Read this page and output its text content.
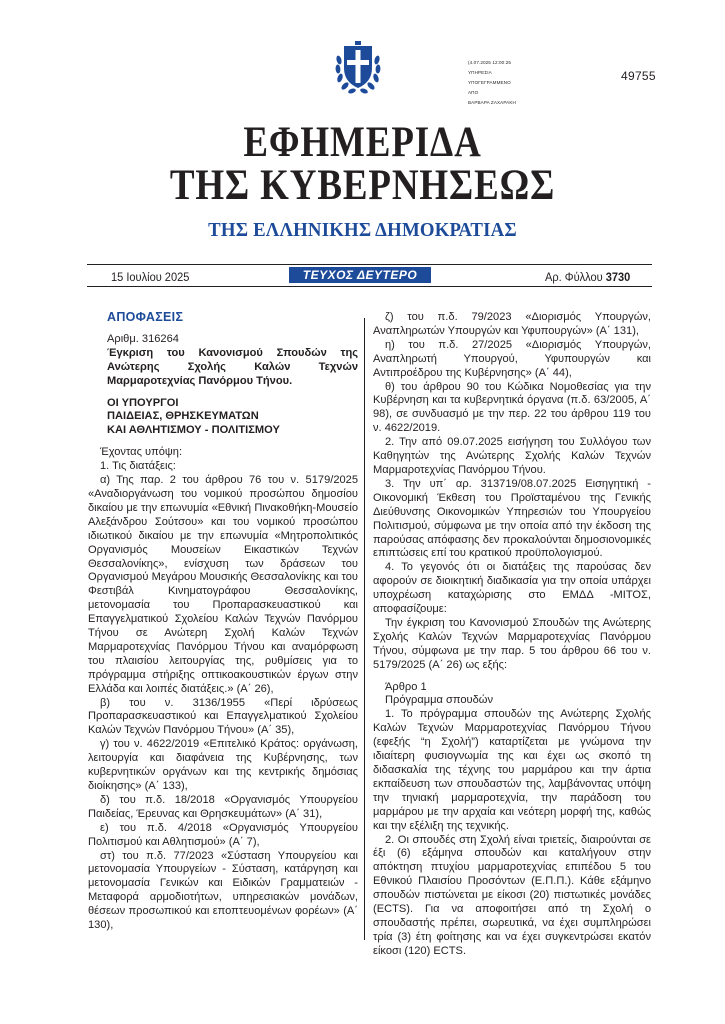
(4.07.2025 12:00:25
ΥΠΗΡΕΣΙΑ
ΥΠΟΓΕΓΡΑΜΜΕΝΟ
ΑΠΟ
ΒΑΡΒΑΡΑ ΖΑΧΑΡΑΚΗ
49755
ΕΦΗΜΕΡΙΔΑ
ΤΗΣ ΚΥΒΕΡΝΗΣΕΩΣ
ΤΗΣ ΕΛΛΗΝΙΚΗΣ ΔΗΜΟΚΡΑΤΙΑΣ
15 Ιουλίου 2025	ΤΕΥΧΟΣ ΔΕΥΤΕΡΟ	Αρ. Φύλλου 3730

ΑΠΟΦΑΣΕΙΣ

Αριθμ. 316264

Έγκριση του Κανονισμού Σπουδών της Ανώτερης Σχολής Καλών Τεχνών Μαρμαροτεχνίας Πανόρμου Τήνου.

ΟΙ ΥΠΟΥΡΓΟΙ

ΠΑΙΔΕΙΑΣ, ΘΡΗΣΚΕΥΜΑΤΩΝ

ΚΑΙ ΑΘΛΗΤΙΣΜΟΥ - ΠΟΛΙΤΙΣΜΟΥ

Έχοντας υπόψη:

1. Τις διατάξεις:

α) Της παρ. 2 του άρθρου 76 του ν. 5179/2025 «Αναδιοργάνωση του νομικού προσώπου δημοσίου δικαίου με την επωνυμία «Εθνική Πινακοθήκη-Μουσείο Αλεξάνδρου Σούτσου» και του νομικού προσώπου ιδιωτικού δικαίου με την επωνυμία «Μητροπολιτικός Οργανισμός Μουσείων Εικαστικών Τεχνών Θεσσαλονίκης», ενίσχυση των δράσεων του Οργανισμού Μεγάρου Μουσικής Θεσσαλονίκης και του Φεστιβάλ Κινηματογράφου Θεσσαλονίκης, μετονομασία του Προπαρασκευαστικού και Επαγγελματικού Σχολείου Καλών Τεχνών Πανόρμου Τήνου σε Ανώτερη Σχολή Καλών Τεχνών Μαρμαροτεχνίας Πανόρμου Τήνου και αναμόρφωση του πλαισίου λειτουργίας της, ρυθμίσεις για το πρόγραμμα στήριξης οπτικοακουστικών έργων στην Ελλάδα και λοιπές διατάξεις.» (Α΄ 26),

β) του ν. 3136/1955 «Περί ιδρύσεως Προπαρασκευαστικού και Επαγγελματικού Σχολείου Καλών Τεχνών Πανόρμου Τήνου» (Α΄ 35),

γ) του ν. 4622/2019 «Επιτελικό Κράτος: οργάνωση, λειτουργία και διαφάνεια της Κυβέρνησης, των κυβερνητικών οργάνων και της κεντρικής δημόσιας διοίκησης» (Α΄ 133),

δ) του π.δ. 18/2018 «Οργανισμός Υπουργείου Παιδείας, Έρευνας και Θρησκευμάτων» (Α΄ 31),

ε) του π.δ. 4/2018 «Οργανισμός Υπουργείου Πολιτισμού και Αθλητισμού» (Α΄ 7),

στ) του π.δ. 77/2023 «Σύσταση Υπουργείου και μετονομασία Υπουργείων - Σύσταση, κατάργηση και μετονομασία Γενικών και Ειδικών Γραμματειών - Μεταφορά αρμοδιοτήτων, υπηρεσιακών μονάδων, θέσεων προσωπικού και εποπτευομένων φορέων» (Α΄ 130),

ζ) του π.δ. 79/2023 «Διορισμός Υπουργών, Αναπληρωτών Υπουργών και Υφυπουργών» (Α΄ 131),

η) του π.δ. 27/2025 «Διορισμός Υπουργών, Αναπληρωτή Υπουργού, Υφυπουργών και Αντιπροέδρου της Κυβέρνησης» (Α΄ 44),

θ) του άρθρου 90 του Κώδικα Νομοθεσίας για την Κυβέρνηση και τα κυβερνητικά όργανα (π.δ. 63/2005, Α΄ 98), σε συνδυασμό με την περ. 22 του άρθρου 119 του ν. 4622/2019.

2. Την από 09.07.2025 εισήγηση του Συλλόγου των Καθηγητών της Ανώτερης Σχολής Καλών Τεχνών Μαρμαροτεχνίας Πανόρμου Τήνου.

3. Την υπ΄ αρ. 313719/08.07.2025 Εισηγητική - Οικονομική Έκθεση του Προϊσταμένου της Γενικής Διεύθυνσης Οικονομικών Υπηρεσιών του Υπουργείου Πολιτισμού, σύμφωνα με την οποία από την έκδοση της παρούσας απόφασης δεν προκαλούνται δημοσιονομικές επιπτώσεις επί του κρατικού προϋπολογισμού.

4. Το γεγονός ότι οι διατάξεις της παρούσας δεν αφορούν σε διοικητική διαδικασία για την οποία υπάρχει υποχρέωση καταχώρισης στο ΕΜΔΔ -ΜΙΤΟΣ, αποφασίζουμε:

Την έγκριση του Κανονισμού Σπουδών της Ανώτερης Σχολής Καλών Τεχνών Μαρμαροτεχνίας Πανόρμου Τήνου, σύμφωνα με την παρ. 5 του άρθρου 66 του ν. 5179/2025 (Α΄ 26) ως εξής:

Άρθρο 1

Πρόγραμμα σπουδών

1. Το πρόγραμμα σπουδών της Ανώτερης Σχολής Καλών Τεχνών Μαρμαροτεχνίας Πανόρμου Τήνου (εφεξής “η Σχολή”) καταρτίζεται με γνώμονα την ιδιαίτερη φυσιογνωμία της και έχει ως σκοπό τη διδασκαλία της τέχνης του μαρμάρου και την άρτια εκπαίδευση των σπουδαστών της, λαμβάνοντας υπόψη την τηνιακή μαρμαροτεχνία, την παράδοση του μαρμάρου με την αρχαία και νεότερη μορφή της, καθώς και την εξέλιξη της τεχνικής.

2. Οι σπουδές στη Σχολή είναι τριετείς, διαιρούνται σε έξι (6) εξάμηνα σπουδών και καταλήγουν στην απόκτηση πτυχίου μαρμαροτεχνίας επιπέδου 5 του Εθνικού Πλαισίου Προσόντων (Ε.Π.Π.). Κάθε εξάμηνο σπουδών πιστώνεται με είκοσι (20) πιστωτικές μονάδες (ECTS). Για να αποφοιτήσει από τη Σχολή ο σπουδαστής πρέπει, σωρευτικά, να έχει συμπληρώσει τρία (3) έτη φοίτησης και να έχει συγκεντρώσει εκατόν είκοσι (120) ECTS.
